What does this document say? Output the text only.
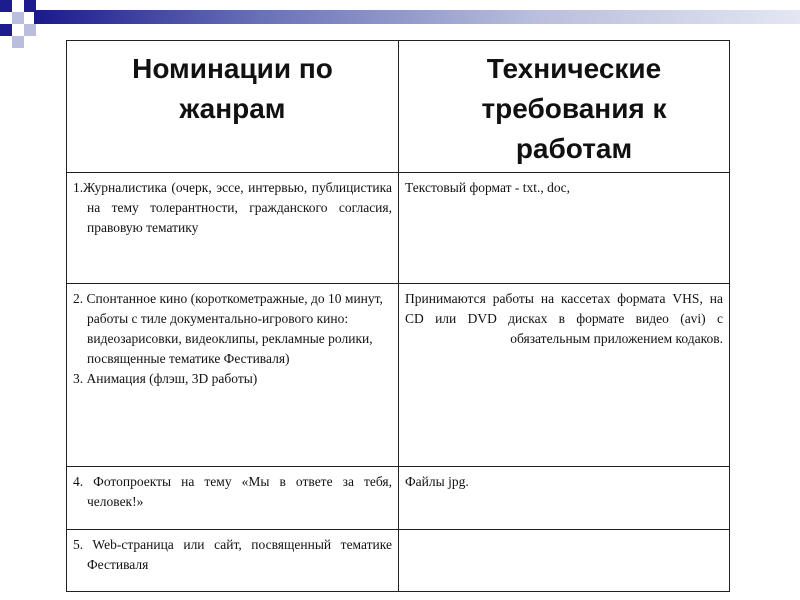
Номинации по жанрам	Технические требования к работам

1.Журналистика (очерк, эссе, интервью, публицистика на тему толерантности, гражданского согласия, правовую тематику	Текстовый формат - txt., doc,

2. Спонтанное кино (короткометражные, до 10 минут, работы с тиле документально-игрового кино: видеозарисовки, видеоклипы, рекламные ролики, посвященные тематике Фестиваля)
3. Анимация (флэш, 3D работы)	Принимаются работы на кассетах формата VHS, на CD или DVD дисках в формате видео (avi) с обязательным приложением кодаков.

4. Фотопроекты на тему «Мы в ответе за тебя, человек!»	Файлы jpg.

5. Web-страница или сайт, посвященный тематике Фестиваля	
